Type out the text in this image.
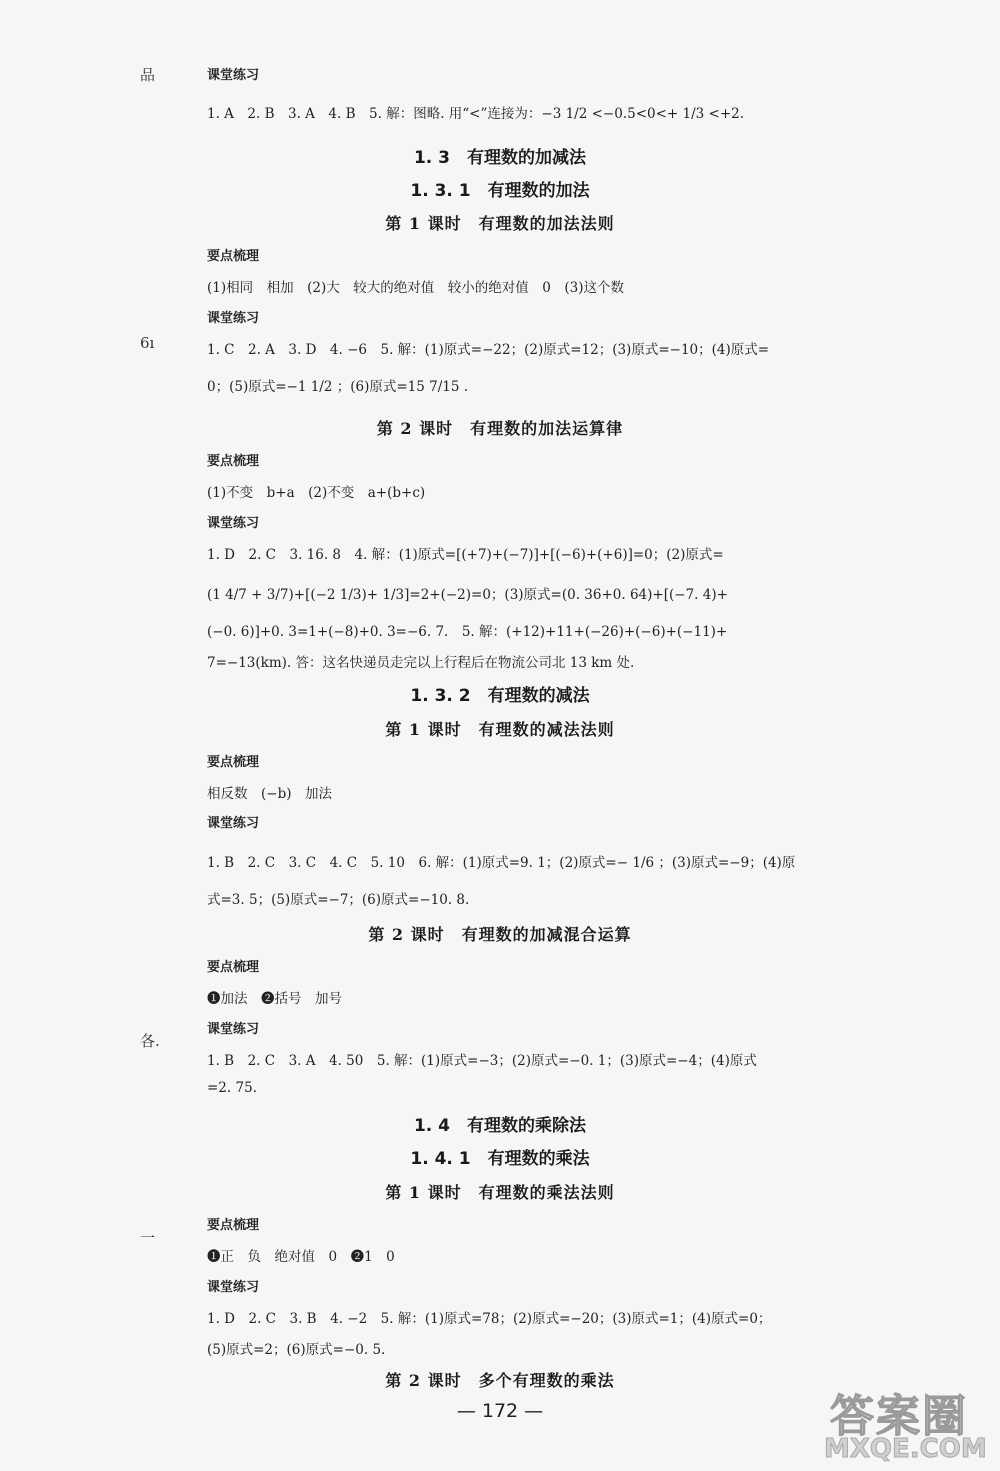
品
6ı
各.
一
课堂练习
1. A　2. B　3. A　4. B　5. 解：图略. 用“<”连接为：−3 1/2 <−0.5<0<+ 1/3 <+2.
1. 3　有理数的加减法
1. 3. 1　有理数的加法
第 1 课时　有理数的加法法则
要点梳理
(1)相同　相加　(2)大　较大的绝对值　较小的绝对值　0　(3)这个数
课堂练习
1. C　2. A　3. D　4. −6　5. 解：(1)原式=−22；(2)原式=12；(3)原式=−10；(4)原式=
0；(5)原式=−1 1/2 ；(6)原式=15 7/15 .
第 2 课时　有理数的加法运算律
要点梳理
(1)不变　b+a　(2)不变　a+(b+c)
课堂练习
1. D　2. C　3. 16. 8　4. 解：(1)原式=[(+7)+(−7)]+[(−6)+(+6)]=0；(2)原式=
(1 4/7 + 3/7)+[(−2 1/3)+ 1/3]=2+(−2)=0；(3)原式=(0. 36+0. 64)+[(−7. 4)+
(−0. 6)]+0. 3=1+(−8)+0. 3=−6. 7.　5. 解：(+12)+11+(−26)+(−6)+(−11)+
7=−13(km). 答：这名快递员走完以上行程后在物流公司北 13 km 处.
1. 3. 2　有理数的减法
第 1 课时　有理数的减法法则
要点梳理
相反数　(−b)　加法
课堂练习
1. B　2. C　3. C　4. C　5. 10　6. 解：(1)原式=9. 1；(2)原式=− 1/6 ；(3)原式=−9；(4)原
式=3. 5；(5)原式=−7；(6)原式=−10. 8.
第 2 课时　有理数的加减混合运算
要点梳理
❶加法　❷括号　加号
课堂练习
1. B　2. C　3. A　4. 50　5. 解：(1)原式=−3；(2)原式=−0. 1；(3)原式=−4；(4)原式
=2. 75.
1. 4　有理数的乘除法
1. 4. 1　有理数的乘法
第 1 课时　有理数的乘法法则
要点梳理
❶正　负　绝对值　0　❷1　0
课堂练习
1. D　2. C　3. B　4. −2　5. 解：(1)原式=78；(2)原式=−20；(3)原式=1；(4)原式=0；
(5)原式=2；(6)原式=−0. 5.
第 2 课时　多个有理数的乘法
— 172 —	答案圈
MXQE.COM
